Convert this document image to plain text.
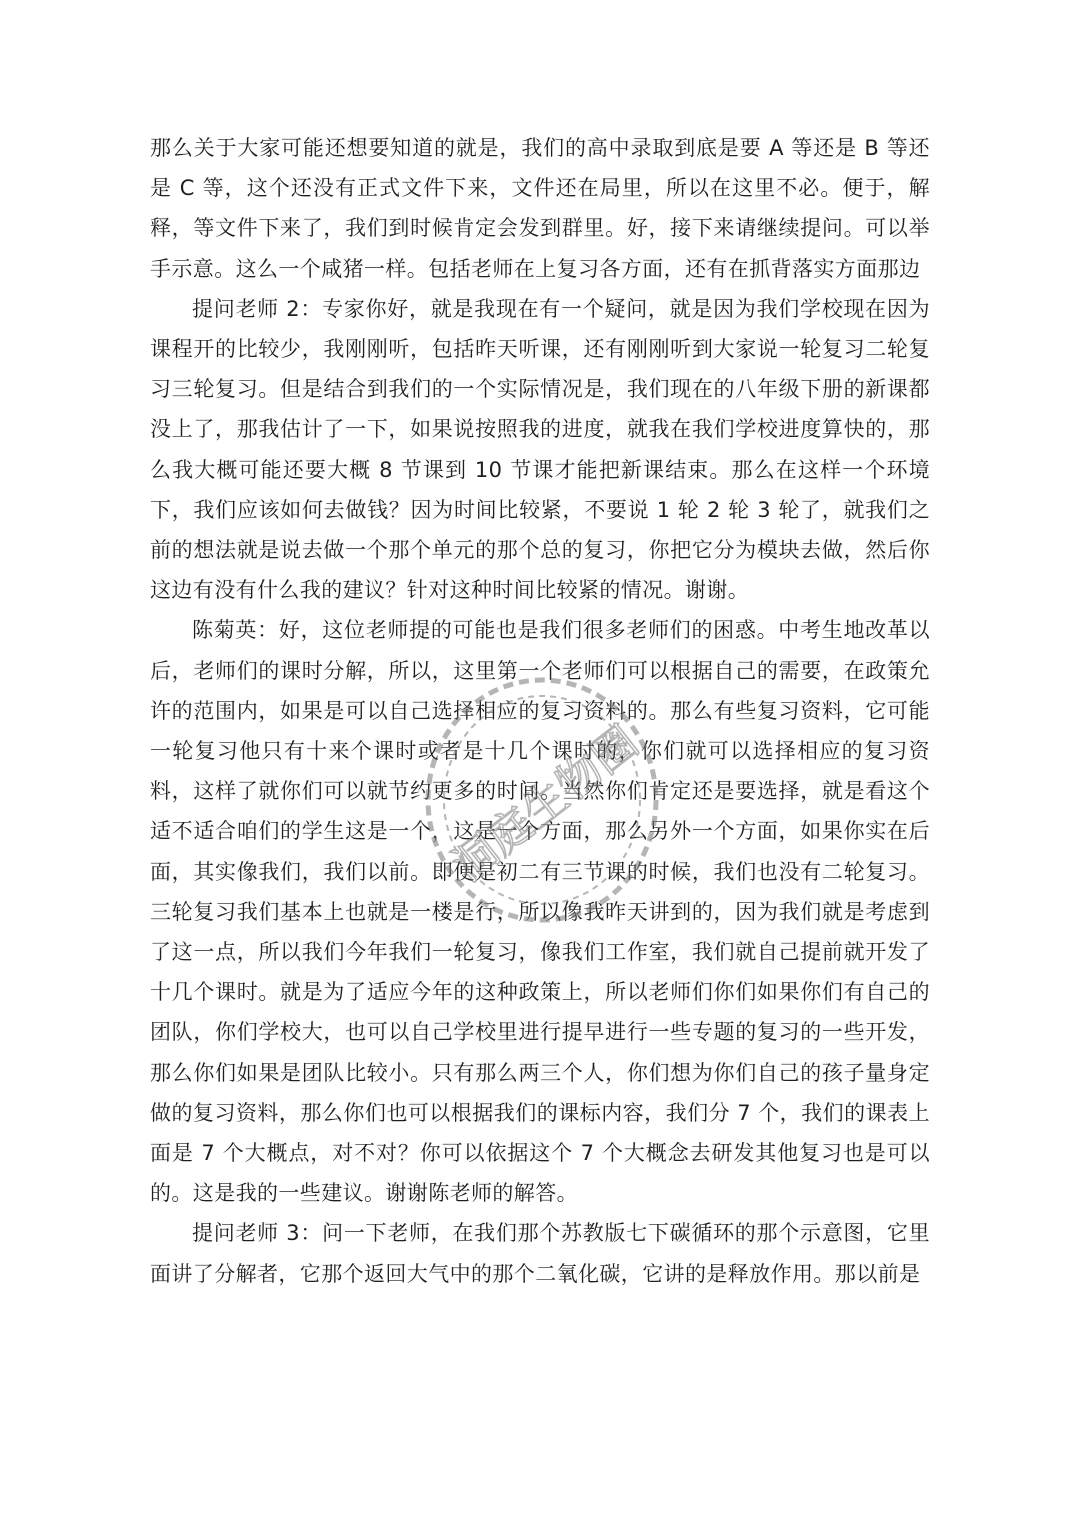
那么关于大家可能还想要知道的就是，我们的高中录取到底是要 A 等还是 B 等还是 C 等，这个还没有正式文件下来，文件还在局里，所以在这里不必。便于，解释，等文件下来了，我们到时候肯定会发到群里。好，接下来请继续提问。可以举手示意。这么一个咸猪一样。包括老师在上复习各方面，还有在抓背落实方面那边

提问老师 2：专家你好，就是我现在有一个疑问，就是因为我们学校现在因为课程开的比较少，我刚刚听，包括昨天听课，还有刚刚听到大家说一轮复习二轮复习三轮复习。但是结合到我们的一个实际情况是，我们现在的八年级下册的新课都没上了，那我估计了一下，如果说按照我的进度，就我在我们学校进度算快的，那么我大概可能还要大概 8 节课到 10 节课才能把新课结束。那么在这样一个环境下，我们应该如何去做钱？因为时间比较紧，不要说 1 轮 2 轮 3 轮了，就我们之前的想法就是说去做一个那个单元的那个总的复习，你把它分为模块去做，然后你这边有没有什么我的建议？针对这种时间比较紧的情况。谢谢。

陈菊英：好，这位老师提的可能也是我们很多老师们的困惑。中考生地改革以后，老师们的课时分解，所以，这里第一个老师们可以根据自己的需要，在政策允许的范围内，如果是可以自己选择相应的复习资料的。那么有些复习资料，它可能一轮复习他只有十来个课时或者是十几个课时的，你们就可以选择相应的复习资料，这样了就你们可以就节约更多的时间。当然你们肯定还是要选择，就是看这个适不适合咱们的学生这是一个，这是一个方面，那么另外一个方面，如果你实在后面，其实像我们，我们以前。即便是初二有三节课的时候，我们也没有二轮复习。三轮复习我们基本上也就是一楼是行，所以像我昨天讲到的，因为我们就是考虑到了这一点，所以我们今年我们一轮复习，像我们工作室，我们就自己提前就开发了十几个课时。就是为了适应今年的这种政策上，所以老师们你们如果你们有自己的团队，你们学校大，也可以自己学校里进行提早进行一些专题的复习的一些开发，那么你们如果是团队比较小。只有那么两三个人，你们想为你们自己的孩子量身定做的复习资料，那么你们也可以根据我们的课标内容，我们分 7 个，我们的课表上面是 7 个大概点，对不对？你可以依据这个 7 个大概念去研发其他复习也是可以的。这是我的一些建议。谢谢陈老师的解答。

提问老师 3：问一下老师，在我们那个苏教版七下碳循环的那个示意图，它里面讲了分解者，它那个返回大气中的那个二氧化碳，它讲的是释放作用。那以前是

洞庭生物圈
